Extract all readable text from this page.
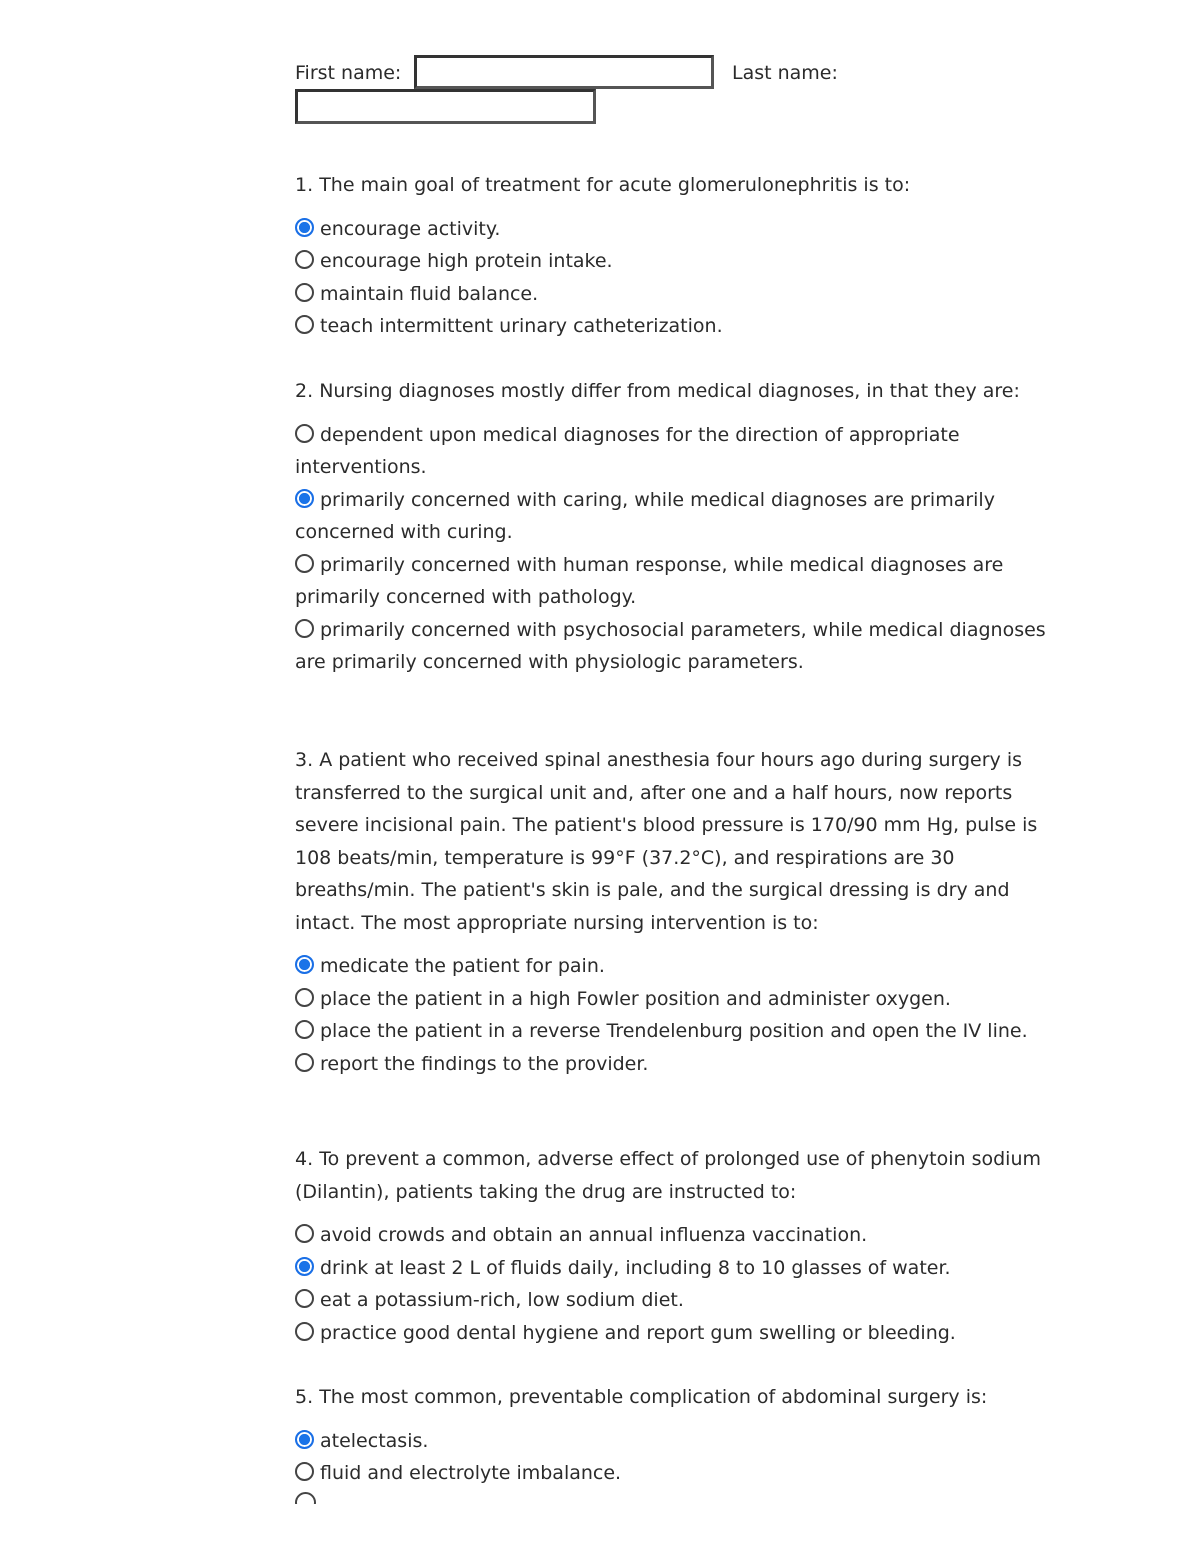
First name:	Last name:

1. The main goal of treatment for acute glomerulonephritis is to:

encourage activity.
encourage high protein intake.
maintain fluid balance.
teach intermittent urinary catheterization.

2. Nursing diagnoses mostly differ from medical diagnoses, in that they are:

dependent upon medical diagnoses for the direction of appropriate interventions.
primarily concerned with caring, while medical diagnoses are primarily concerned with curing.
primarily concerned with human response, while medical diagnoses are primarily concerned with pathology.
primarily concerned with psychosocial parameters, while medical diagnoses are primarily concerned with physiologic parameters.

3. A patient who received spinal anesthesia four hours ago during surgery is transferred to the surgical unit and, after one and a half hours, now reports severe incisional pain. The patient's blood pressure is 170/90 mm Hg, pulse is 108 beats/min, temperature is 99°F (37.2°C), and respirations are 30 breaths/min. The patient's skin is pale, and the surgical dressing is dry and intact. The most appropriate nursing intervention is to:

medicate the patient for pain.
place the patient in a high Fowler position and administer oxygen.
place the patient in a reverse Trendelenburg position and open the IV line.
report the findings to the provider.

4. To prevent a common, adverse effect of prolonged use of phenytoin sodium (Dilantin), patients taking the drug are instructed to:

avoid crowds and obtain an annual influenza vaccination.
drink at least 2 L of fluids daily, including 8 to 10 glasses of water.
eat a potassium-rich, low sodium diet.
practice good dental hygiene and report gum swelling or bleeding.

5. The most common, preventable complication of abdominal surgery is:

atelectasis.
fluid and electrolyte imbalance.
